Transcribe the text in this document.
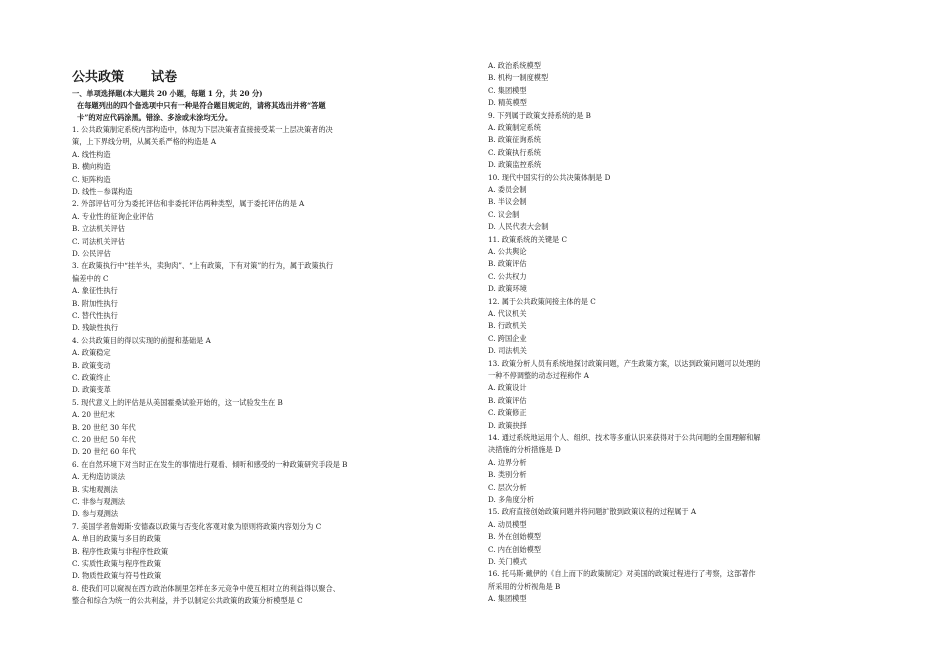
公共政策      试卷
一、单项选择题(本大题共 20 小题，每题 1 分，共 20 分)
在每题列出的四个备选项中只有一种是符合题目规定的，请将其选出并将“答题
卡”的对应代码涂黑。错涂、多涂或未涂均无分。
1. 公共政策制定系统内部构造中，体现为下层决策者直接接受某一上层决策者的决
策，上下界线分明，从属关系严格的构造是 A
A. 线性构造
B. 横向构造
C. 矩阵构造
D. 线性－参谋构造
2. 外部评估可分为委托评估和非委托评估两种类型，属于委托评估的是 A
A. 专业性的征询企业评估
B. 立法机关评估
C. 司法机关评估
D. 公民评估
3. 在政策执行中“挂羊头，卖狗肉”、“上有政策，下有对策”的行为，属于政策执行
偏差中的 C
A. 象征性执行
B. 附加性执行
C. 替代性执行
D. 残缺性执行
4. 公共政策目的得以实现的前提和基础是 A
A. 政策稳定
B. 政策变动
C. 政策终止
D. 政策变革
5. 现代意义上的评估是从美国霍桑试验开始的，这一试验发生在 B
A. 20 世纪末
B. 20 世纪 30 年代
C. 20 世纪 50 年代
D. 20 世纪 60 年代
6. 在自然环境下对当时正在发生的事情进行观看、倾听和感受的一种政策研究手段是 B
A. 无构造访谈法
B. 实地观测法
C. 非参与观测法
D. 参与观测法
7. 美国学者詹姆斯·安德森以政策与否变化客观对象为原则将政策内容划分为 C
A. 单目的政策与多目的政策
B. 程序性政策与非程序性政策
C. 实质性政策与程序性政策
D. 物质性政策与符号性政策
8. 使我们可以窥视在西方政治体制里怎样在多元竞争中使互相对立的利益得以聚合、
整合和综合为统一的公共利益，并予以制定公共政策的政策分析模型是 C
A. 政治系统模型
B. 机构一制度模型
C. 集团模型
D. 精英模型
9. 下列属于政策支持系统的是 B
A. 政策制定系统
B. 政策征询系统
C. 政策执行系统
D. 政策监控系统
10. 现代中国实行的公共决策体制是 D
A. 委员会制
B. 半议会制
C. 议会制
D. 人民代表大会制
11. 政策系统的关键是 C
A. 公共舆论
B. 政策评估
C. 公共权力
D. 政策环境
12. 属于公共政策间接主体的是 C
A. 代议机关
B. 行政机关
C. 跨国企业
D. 司法机关
13. 政策分析人员有系统地探讨政策问题，产生政策方案，以达到政策问题可以处理的
一种不停调整的动态过程称作 A
A. 政策设计
B. 政策评估
C. 政策修正
D. 政策抉择
14. 通过系统地运用个人、组织、技术等多重认识来获得对于公共问题的全面理解和解
决措施的分析措施是 D
A. 边界分析
B. 类别分析
C. 层次分析
D. 多角度分析
15. 政府直接创始政策问题并将问题扩散到政策议程的过程属于 A
A. 动员模型
B. 外在创始模型
C. 内在创始模型
D. 关门模式
16. 托马斯·戴伊的《自上而下的政策制定》对美国的政策过程进行了考察，这部著作
所采用的分析视角是 B
A. 集团模型
